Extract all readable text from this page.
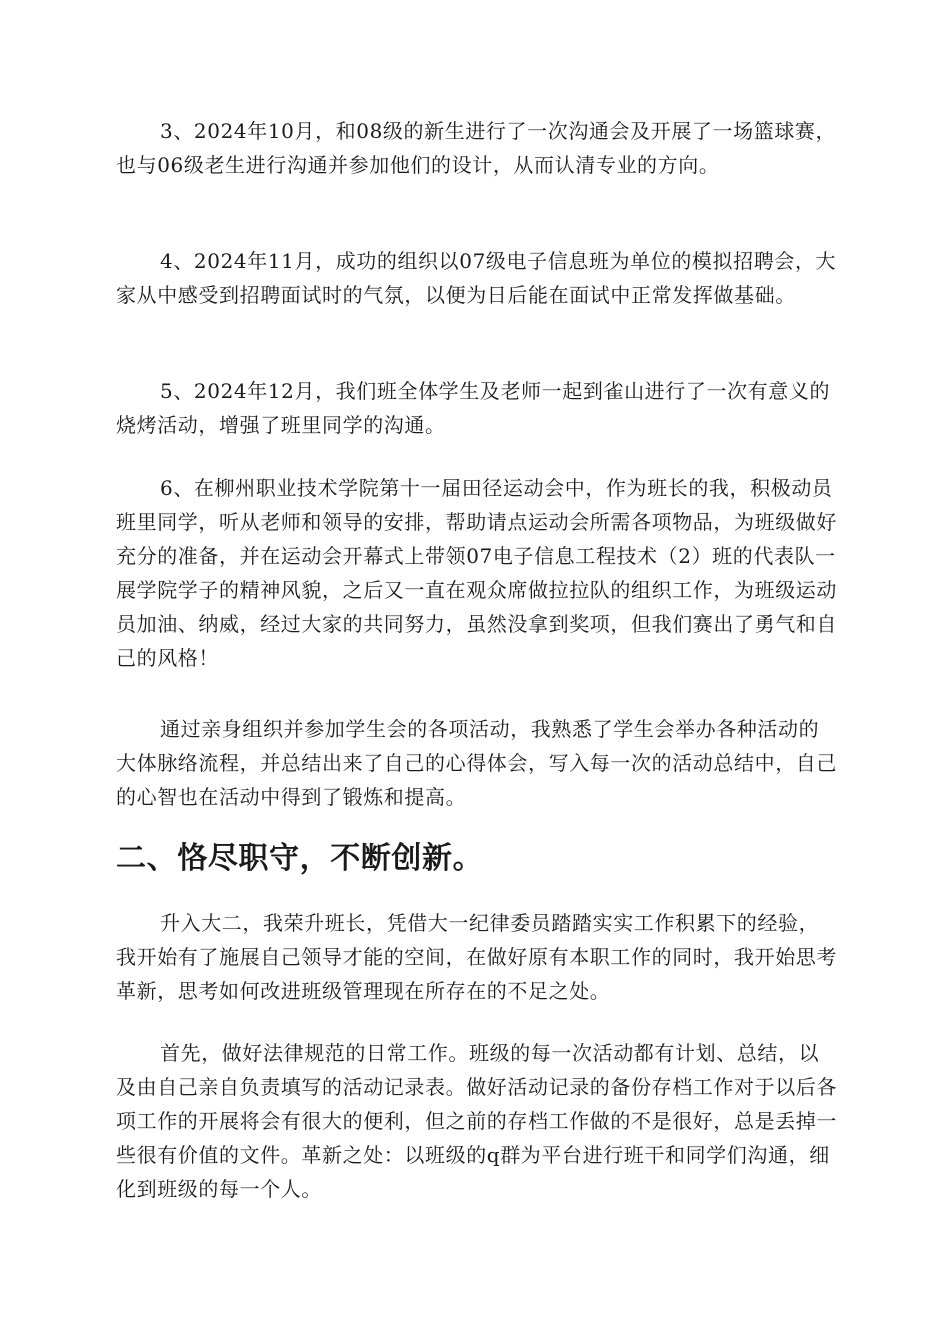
3、2024年10月，和08级的新生进行了一次沟通会及开展了一场篮球赛，也与06级老生进行沟通并参加他们的设计，从而认清专业的方向。

4、2024年11月，成功的组织以07级电子信息班为单位的模拟招聘会，大家从中感受到招聘面试时的气氛，以便为日后能在面试中正常发挥做基础。

5、2024年12月，我们班全体学生及老师一起到雀山进行了一次有意义的烧烤活动，增强了班里同学的沟通。

6、在柳州职业技术学院第十一届田径运动会中，作为班长的我，积极动员班里同学，听从老师和领导的安排，帮助请点运动会所需各项物品，为班级做好充分的准备，并在运动会开幕式上带领07电子信息工程技术（2）班的代表队一展学院学子的精神风貌，之后又一直在观众席做拉拉队的组织工作，为班级运动员加油、纳威，经过大家的共同努力，虽然没拿到奖项，但我们赛出了勇气和自己的风格！

通过亲身组织并参加学生会的各项活动，我熟悉了学生会举办各种活动的大体脉络流程，并总结出来了自己的心得体会，写入每一次的活动总结中，自己的心智也在活动中得到了锻炼和提高。

二、恪尽职守，不断创新。

升入大二，我荣升班长，凭借大一纪律委员踏踏实实工作积累下的经验，我开始有了施展自己领导才能的空间，在做好原有本职工作的同时，我开始思考革新，思考如何改进班级管理现在所存在的不足之处。

首先，做好法律规范的日常工作。班级的每一次活动都有计划、总结，以及由自己亲自负责填写的活动记录表。做好活动记录的备份存档工作对于以后各项工作的开展将会有很大的便利，但之前的存档工作做的不是很好，总是丢掉一些很有价值的文件。革新之处：以班级的q群为平台进行班干和同学们沟通，细化到班级的每一个人。
